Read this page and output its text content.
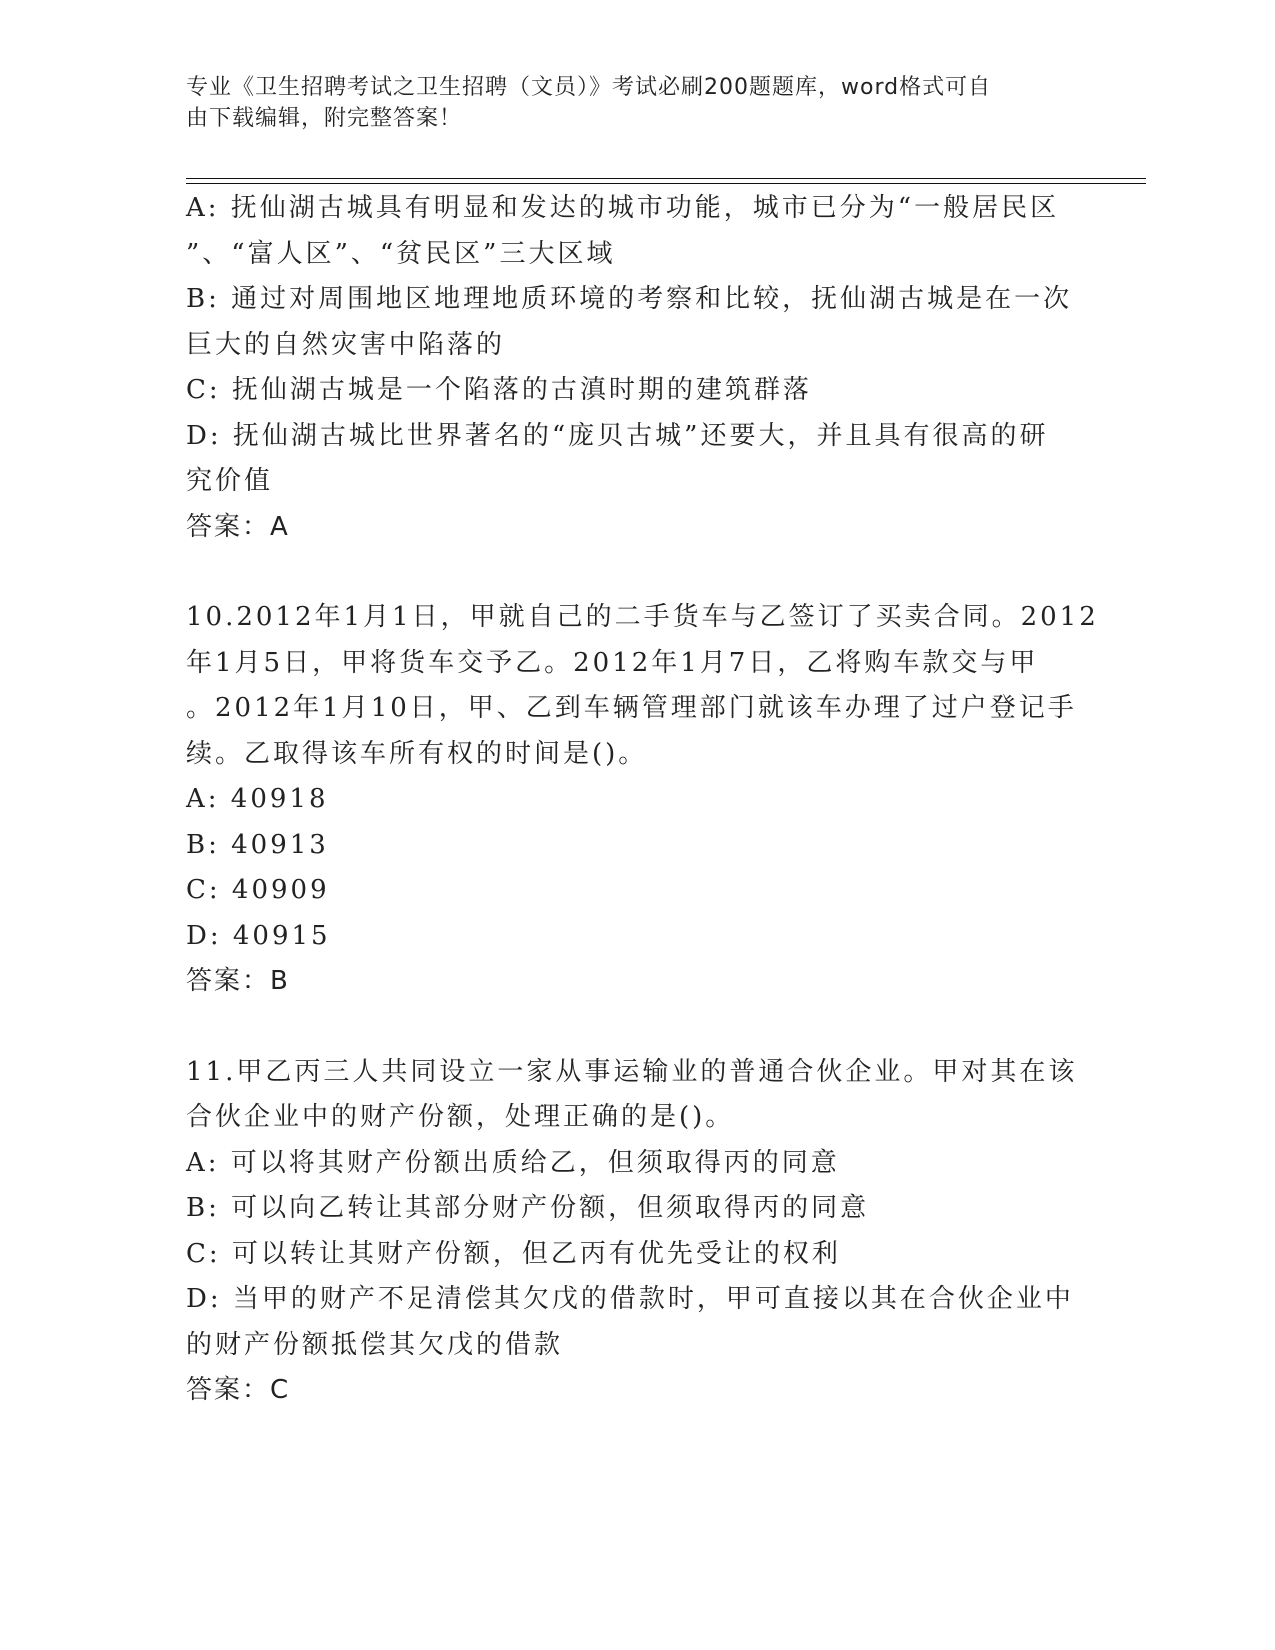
专业《卫生招聘考试之卫生招聘（文员）》考试必刷200题题库，word格式可自
由下载编辑，附完整答案！
A: 抚仙湖古城具有明显和发达的城市功能，城市已分为“一般居民区
”、“富人区”、“贫民区”三大区域
B: 通过对周围地区地理地质环境的考察和比较，抚仙湖古城是在一次
巨大的自然灾害中陷落的
C: 抚仙湖古城是一个陷落的古滇时期的建筑群落
D: 抚仙湖古城比世界著名的“庞贝古城”还要大，并且具有很高的研
究价值
答案：A
10.2012年1月1日，甲就自己的二手货车与乙签订了买卖合同。2012
年1月5日，甲将货车交予乙。2012年1月7日，乙将购车款交与甲
。2012年1月10日，甲、乙到车辆管理部门就该车办理了过户登记手
续。乙取得该车所有权的时间是()。
A: 40918
B: 40913
C: 40909
D: 40915
答案：B
11.甲乙丙三人共同设立一家从事运输业的普通合伙企业。甲对其在该
合伙企业中的财产份额，处理正确的是()。
A: 可以将其财产份额出质给乙，但须取得丙的同意
B: 可以向乙转让其部分财产份额，但须取得丙的同意
C: 可以转让其财产份额，但乙丙有优先受让的权利
D: 当甲的财产不足清偿其欠戊的借款时，甲可直接以其在合伙企业中
的财产份额抵偿其欠戊的借款
答案：C
